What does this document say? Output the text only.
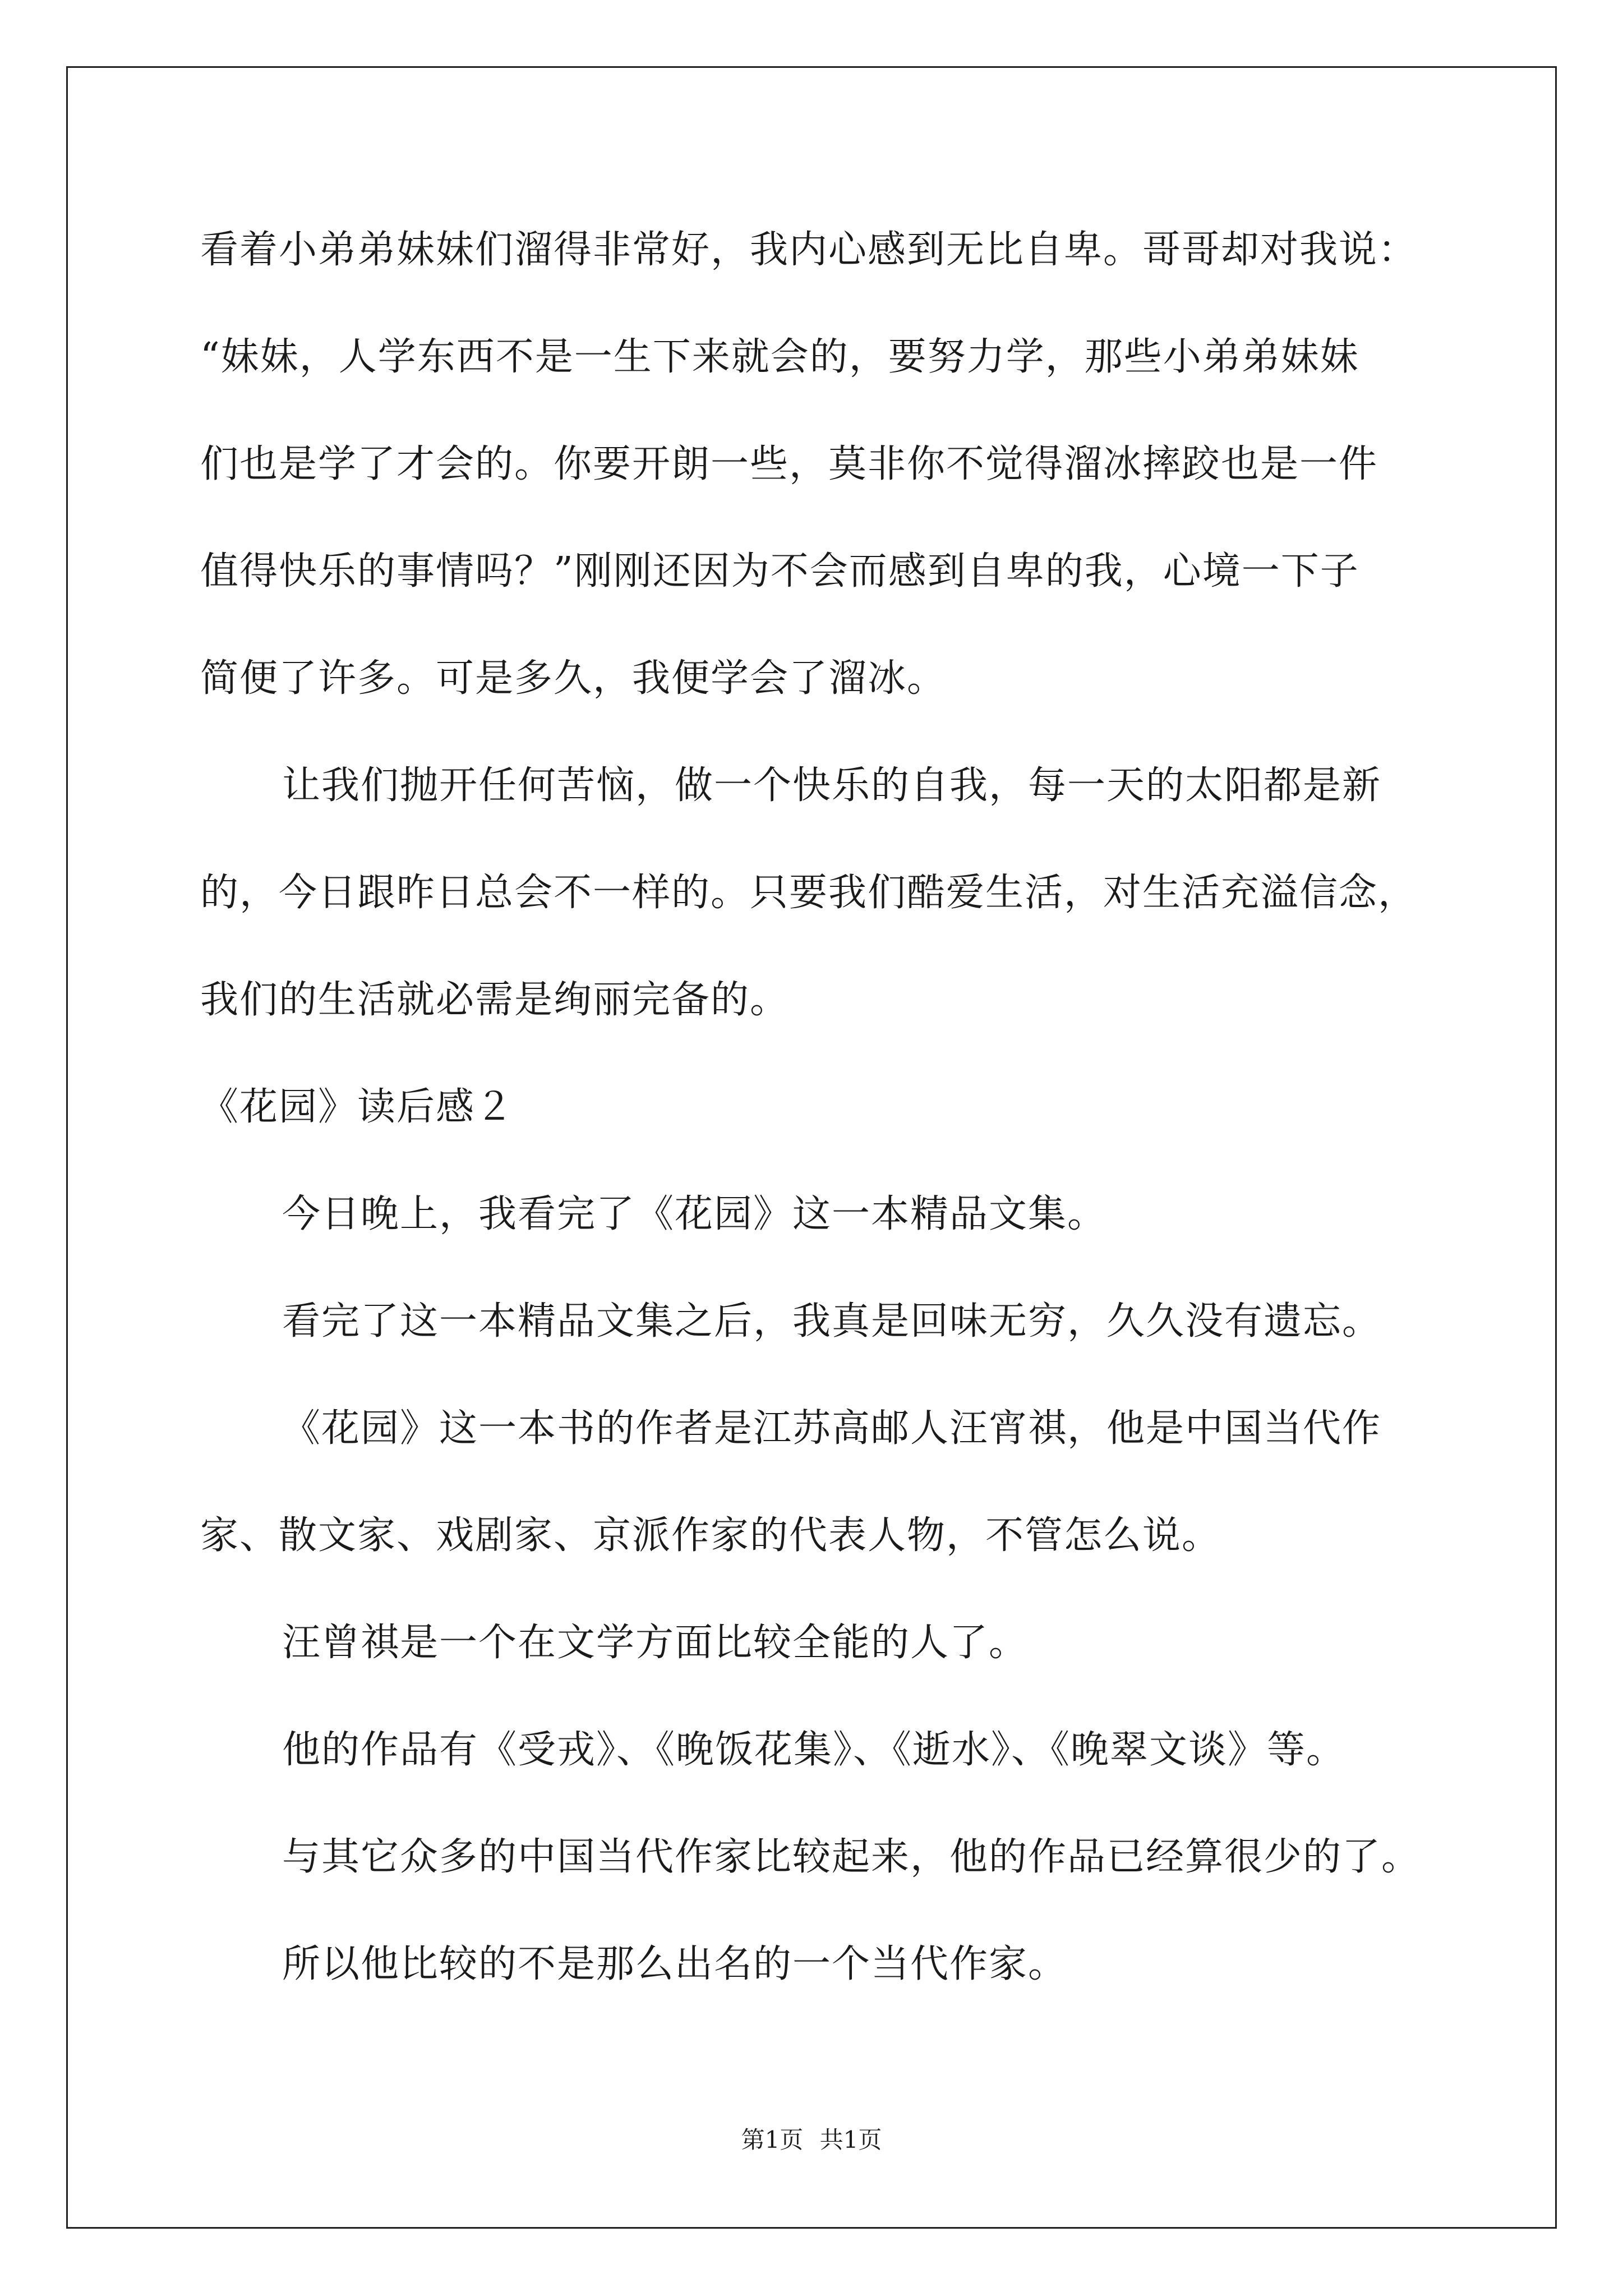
看着小弟弟妹妹们溜得非常好，我内心感到无比自卑。哥哥却对我说：
“妹妹，人学东西不是一生下来就会的，要努力学，那些小弟弟妹妹
们也是学了才会的。你要开朗一些，莫非你不觉得溜冰摔跤也是一件
值得快乐的事情吗？”刚刚还因为不会而感到自卑的我，心境一下子
简便了许多。可是多久，我便学会了溜冰。
让我们抛开任何苦恼，做一个快乐的自我，每一天的太阳都是新
的，今日跟昨日总会不一样的。只要我们酷爱生活，对生活充溢信念，
我们的生活就必需是绚丽完备的。
《花园》读后感２
今日晚上，我看完了《花园》这一本精品文集。
看完了这一本精品文集之后，我真是回味无穷，久久没有遗忘。
《花园》这一本书的作者是江苏高邮人汪宵祺，他是中国当代作
家、散文家、戏剧家、京派作家的代表人物，不管怎么说。
汪曾祺是一个在文学方面比较全能的人了。
他的作品有《受戎》、《晚饭花集》、《逝水》、《晚翠文谈》等。
与其它众多的中国当代作家比较起来，他的作品已经算很少的了。
所以他比较的不是那么出名的一个当代作家。
第1页 共1页
